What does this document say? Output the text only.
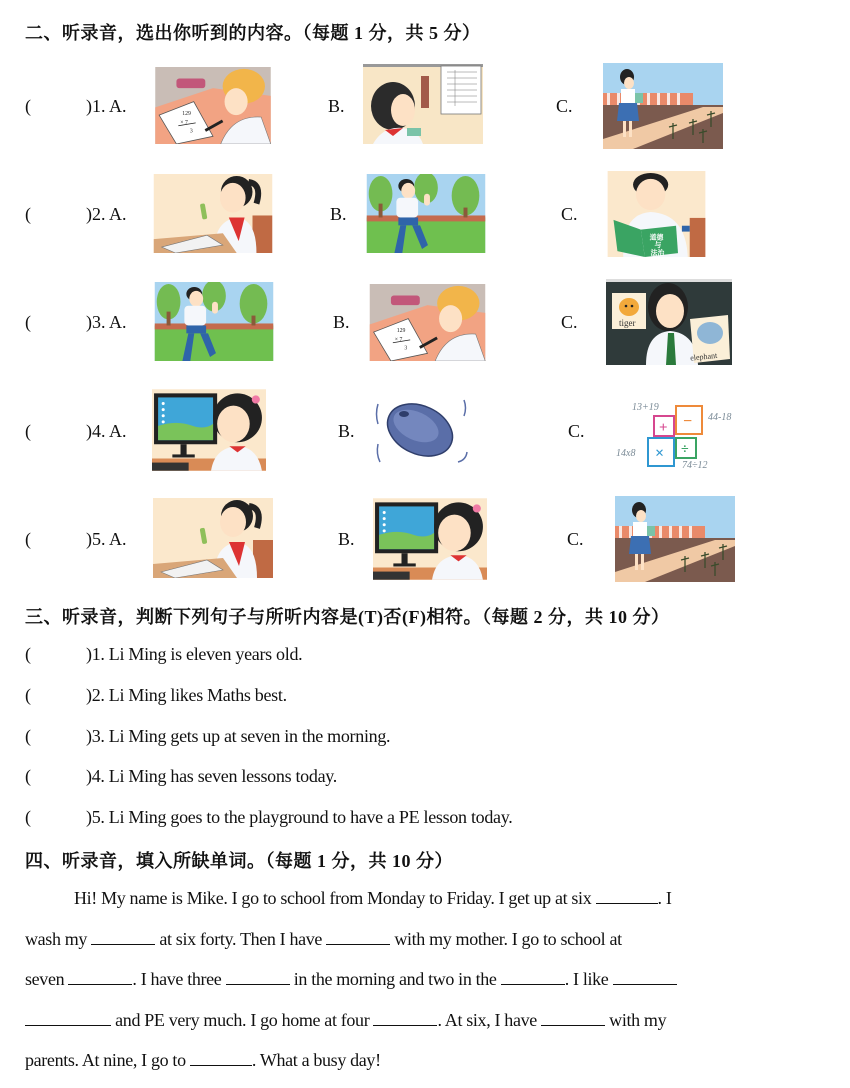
二、听录音，选出你听到的内容。（每题 1 分，共 5 分）
(	)1. A.	B.	C.
(	)2. A.	B.	C.
(	)3. A.	B.	C.
(	)4. A.	B.	C.
13+19
44-18
14x8
74÷12
+ −
× ÷
(	)5. A.	B.	C.
三、听录音，判断下列句子与所听内容是(T)否(F)相符。（每题 2 分，共 10 分）
(	)1. Li Ming is eleven years old.
(	)2. Li Ming likes Maths best.
(	)3. Li Ming gets up at seven in the morning.
(	)4. Li Ming has seven lessons today.
(	)5. Li Ming goes to the playground to have a PE lesson today.
四、听录音，填入所缺单词。（每题 1 分，共 10 分）
Hi! My name is Mike. I go to school from Monday to Friday. I get up at six	. I
wash my	at six forty. Then I have	with my mother. I go to school at
seven	. I have three	in the morning and two in the	. I like
and PE very much. I go home at four	. At six, I have	with my
parents. At nine, I go to	. What a busy day!
